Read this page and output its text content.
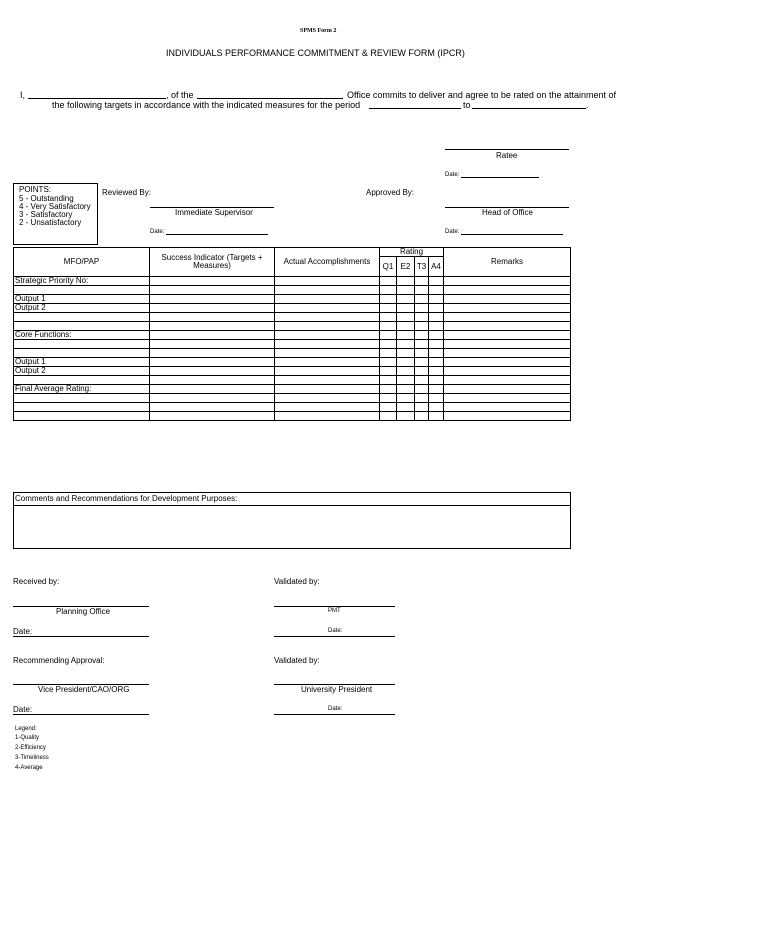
SPMS Form 2
INDIVIDUALS PERFORMANCE COMMITMENT & REVIEW FORM (IPCR)
I,	, of the	Office commits to deliver and agree to be rated on the attainment of
the following targets in accordance with the indicated measures for the period	to	.
Ratee
Date:
POINTS:
5 - Outstanding
4 - Very Satisfactory
3 - Satisfactory
2 - Unsatisfactory
Reviewed By:
Immediate Supervisor
Date:
Approved By:
Head of Office
Date:
MFO/PAP	Success Indicator (Targets + Measures)	Actual Accomplishments	Rating				Remarks
			Q1	E2	T3	A4	
Strategic Priority No:							

Output 1							
Output 2							

Core Functions:							

Output 1							
Output 2							

Final Average Rating:							

Comments and Recommendations for Development Purposes:
Received by:
Planning Office
Date:
Validated by:
PMT
Date:
Recommending Approval:
Vice President/CAO/ORG
Date:
Validated by:
University President
Date:
Legend:
1-Quality
2-Efficiency
3-Timeliness
4-Average
